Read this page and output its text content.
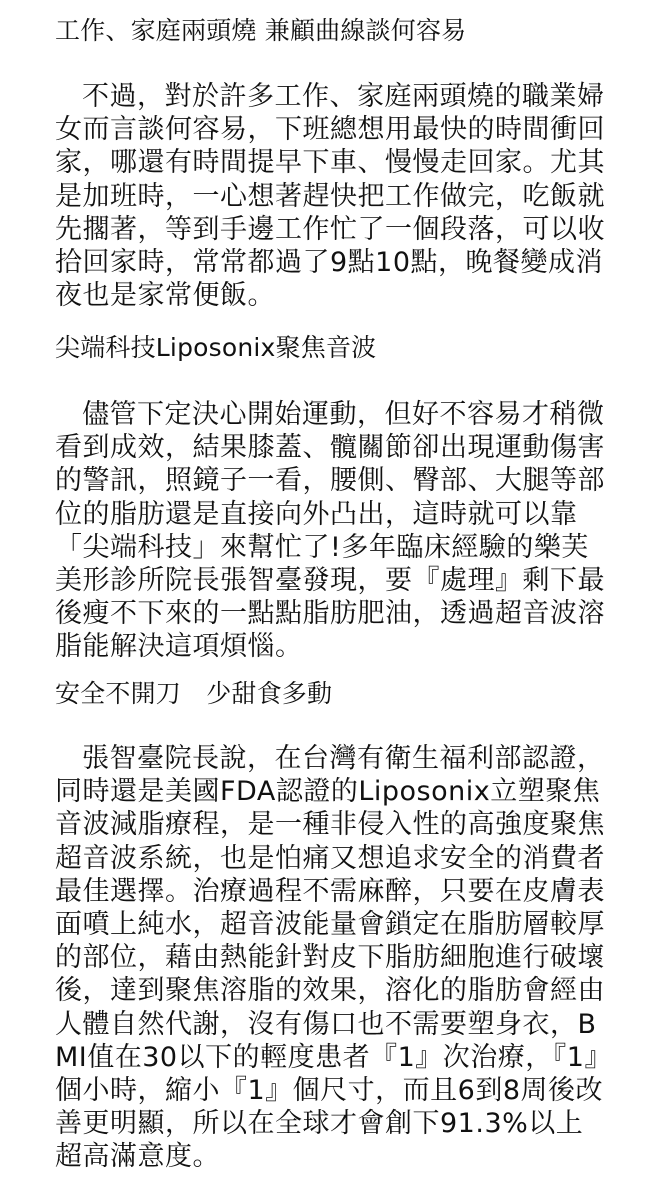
工作、家庭兩頭燒 兼顧曲線談何容易
不過，對於許多工作、家庭兩頭燒的職業婦女而言談何容易，下班總想用最快的時間衝回家，哪還有時間提早下車、慢慢走回家。尤其是加班時，一心想著趕快把工作做完，吃飯就先擱著，等到手邊工作忙了一個段落，可以收拾回家時，常常都過了9點10點，晚餐變成消夜也是家常便飯。
尖端科技Liposonix聚焦音波
儘管下定決心開始運動，但好不容易才稍微看到成效，結果膝蓋、髖關節卻出現運動傷害的警訊，照鏡子一看，腰側、臀部、大腿等部位的脂肪還是直接向外凸出，這時就可以靠「尖端科技」來幫忙了!多年臨床經驗的樂芙美形診所院長張智臺發現，要『處理』剩下最後瘦不下來的一點點脂肪肥油，透過超音波溶脂能解決這項煩惱。
安全不開刀　少甜食多動
張智臺院長說，在台灣有衛生福利部認證，同時還是美國FDA認證的Liposonix立塑聚焦音波減脂療程，是一種非侵入性的高強度聚焦超音波系統，也是怕痛又想追求安全的消費者最佳選擇。治療過程不需麻醉，只要在皮膚表面噴上純水，超音波能量會鎖定在脂肪層較厚的部位，藉由熱能針對皮下脂肪細胞進行破壞後，達到聚焦溶脂的效果，溶化的脂肪會經由人體自然代謝，沒有傷口也不需要塑身衣，BMI值在30以下的輕度患者『1』次治療，『1』個小時，縮小『1』個尺寸，而且6到8周後改善更明顯，所以在全球才會創下91.3%以上超高滿意度。
